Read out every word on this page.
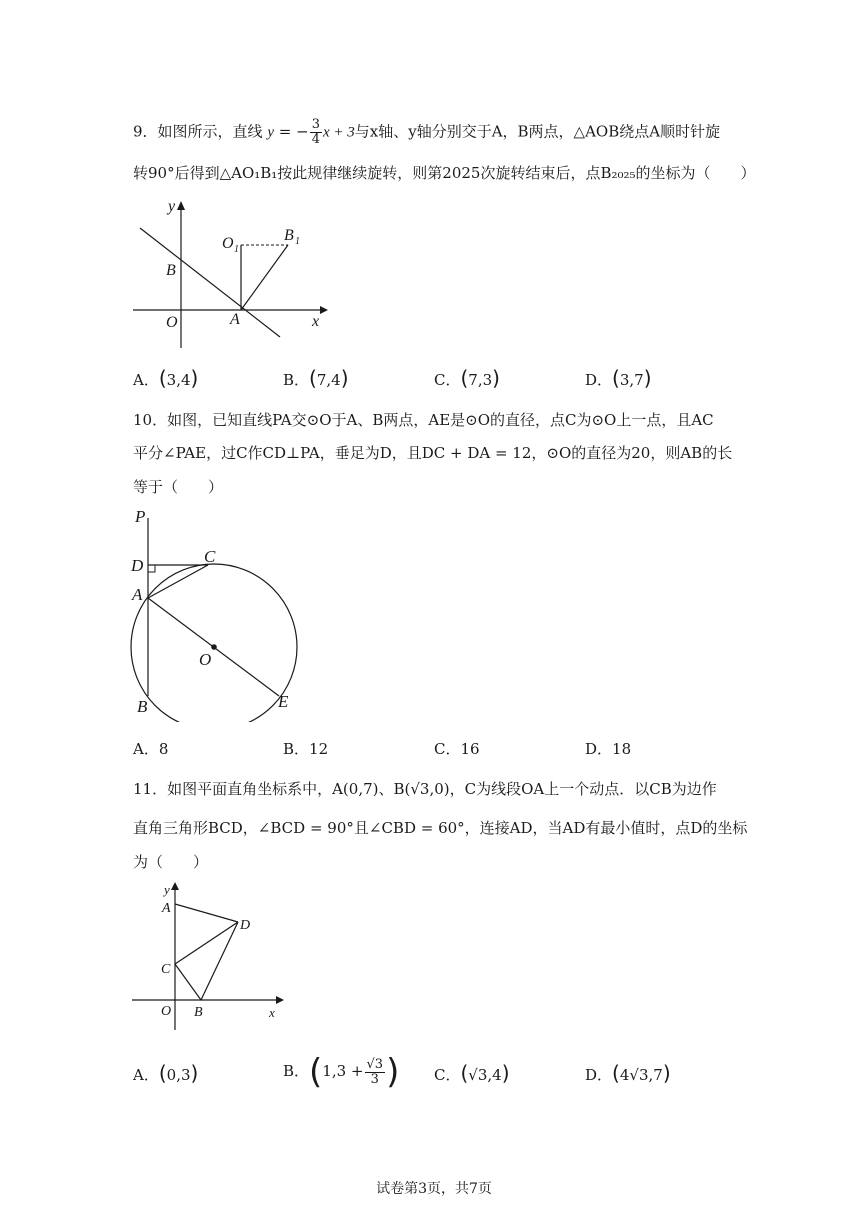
9．如图所示，直线 y = − $\frac{3}{4}$ x + 3与x轴、y轴分别交于A，B两点，△AOB绕点A顺时针旋
转90°后得到△AO₁B₁按此规律继续旋转，则第2025次旋转结束后，点B₂₀₂₅的坐标为（　　）
y
x
O	A
B
O 1
B 1
A．(3,4)	B．(7,4)	C．(7,3)	D．(3,7)
10．如图，已知直线PA交⊙O于A、B两点，AE是⊙O的直径，点C为⊙O上一点，且AC
平分∠PAE，过C作CD⊥PA，垂足为D，且DC + DA = 12，⊙O的直径为20，则AB的长
等于（　　）
P
D	C
A
O
B	E
A．8	B．12	C．16	D．18
11．如图平面直角坐标系中，A(0,7)、B(√3,0)，C为线段OA上一个动点．以CB为边作
直角三角形BCD，∠BCD = 90°且∠CBD = 60°，连接AD，当AD有最小值时，点D的坐标
为（　　）
y
x
O
A
B
C
D
A．(0,3)	B．($1,3 + \frac{√3}{3}$ ) C．(√3,4)	D．(4√3,7)
试卷第3页，共7页
